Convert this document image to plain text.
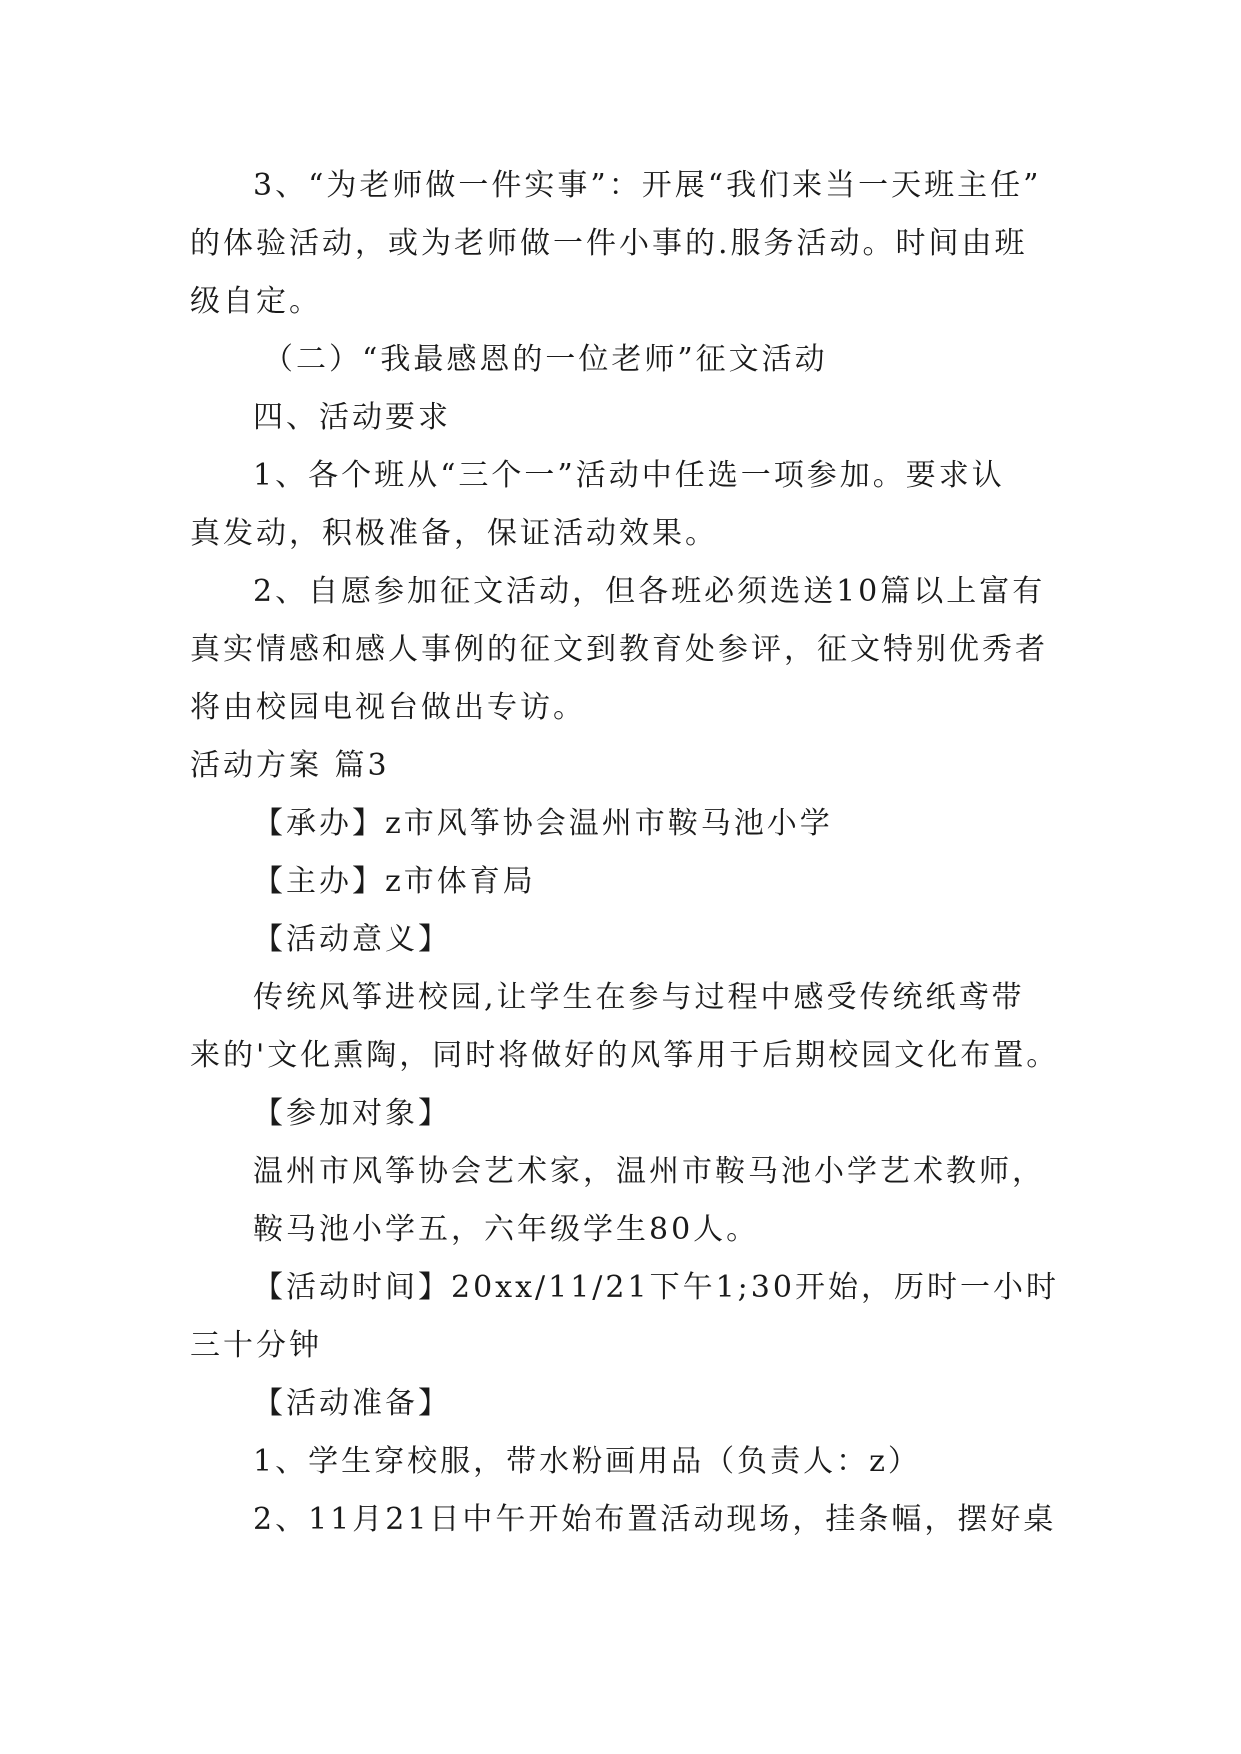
3、“为老师做一件实事”：开展“我们来当一天班主任”
的体验活动，或为老师做一件小事的.服务活动。时间由班
级自定。
（二）“我最感恩的一位老师”征文活动
四、活动要求
1、各个班从“三个一”活动中任选一项参加。要求认
真发动，积极准备，保证活动效果。
2、自愿参加征文活动，但各班必须选送10篇以上富有
真实情感和感人事例的征文到教育处参评，征文特别优秀者
将由校园电视台做出专访。
活动方案 篇3
【承办】z市风筝协会温州市鞍马池小学
【主办】z市体育局
【活动意义】
传统风筝进校园,让学生在参与过程中感受传统纸鸢带
来的'文化熏陶，同时将做好的风筝用于后期校园文化布置。
【参加对象】
温州市风筝协会艺术家，温州市鞍马池小学艺术教师，
鞍马池小学五，六年级学生80人。
【活动时间】20xx/11/21下午1;30开始，历时一小时
三十分钟
【活动准备】
1、学生穿校服，带水粉画用品（负责人：z）
2、11月21日中午开始布置活动现场，挂条幅，摆好桌
